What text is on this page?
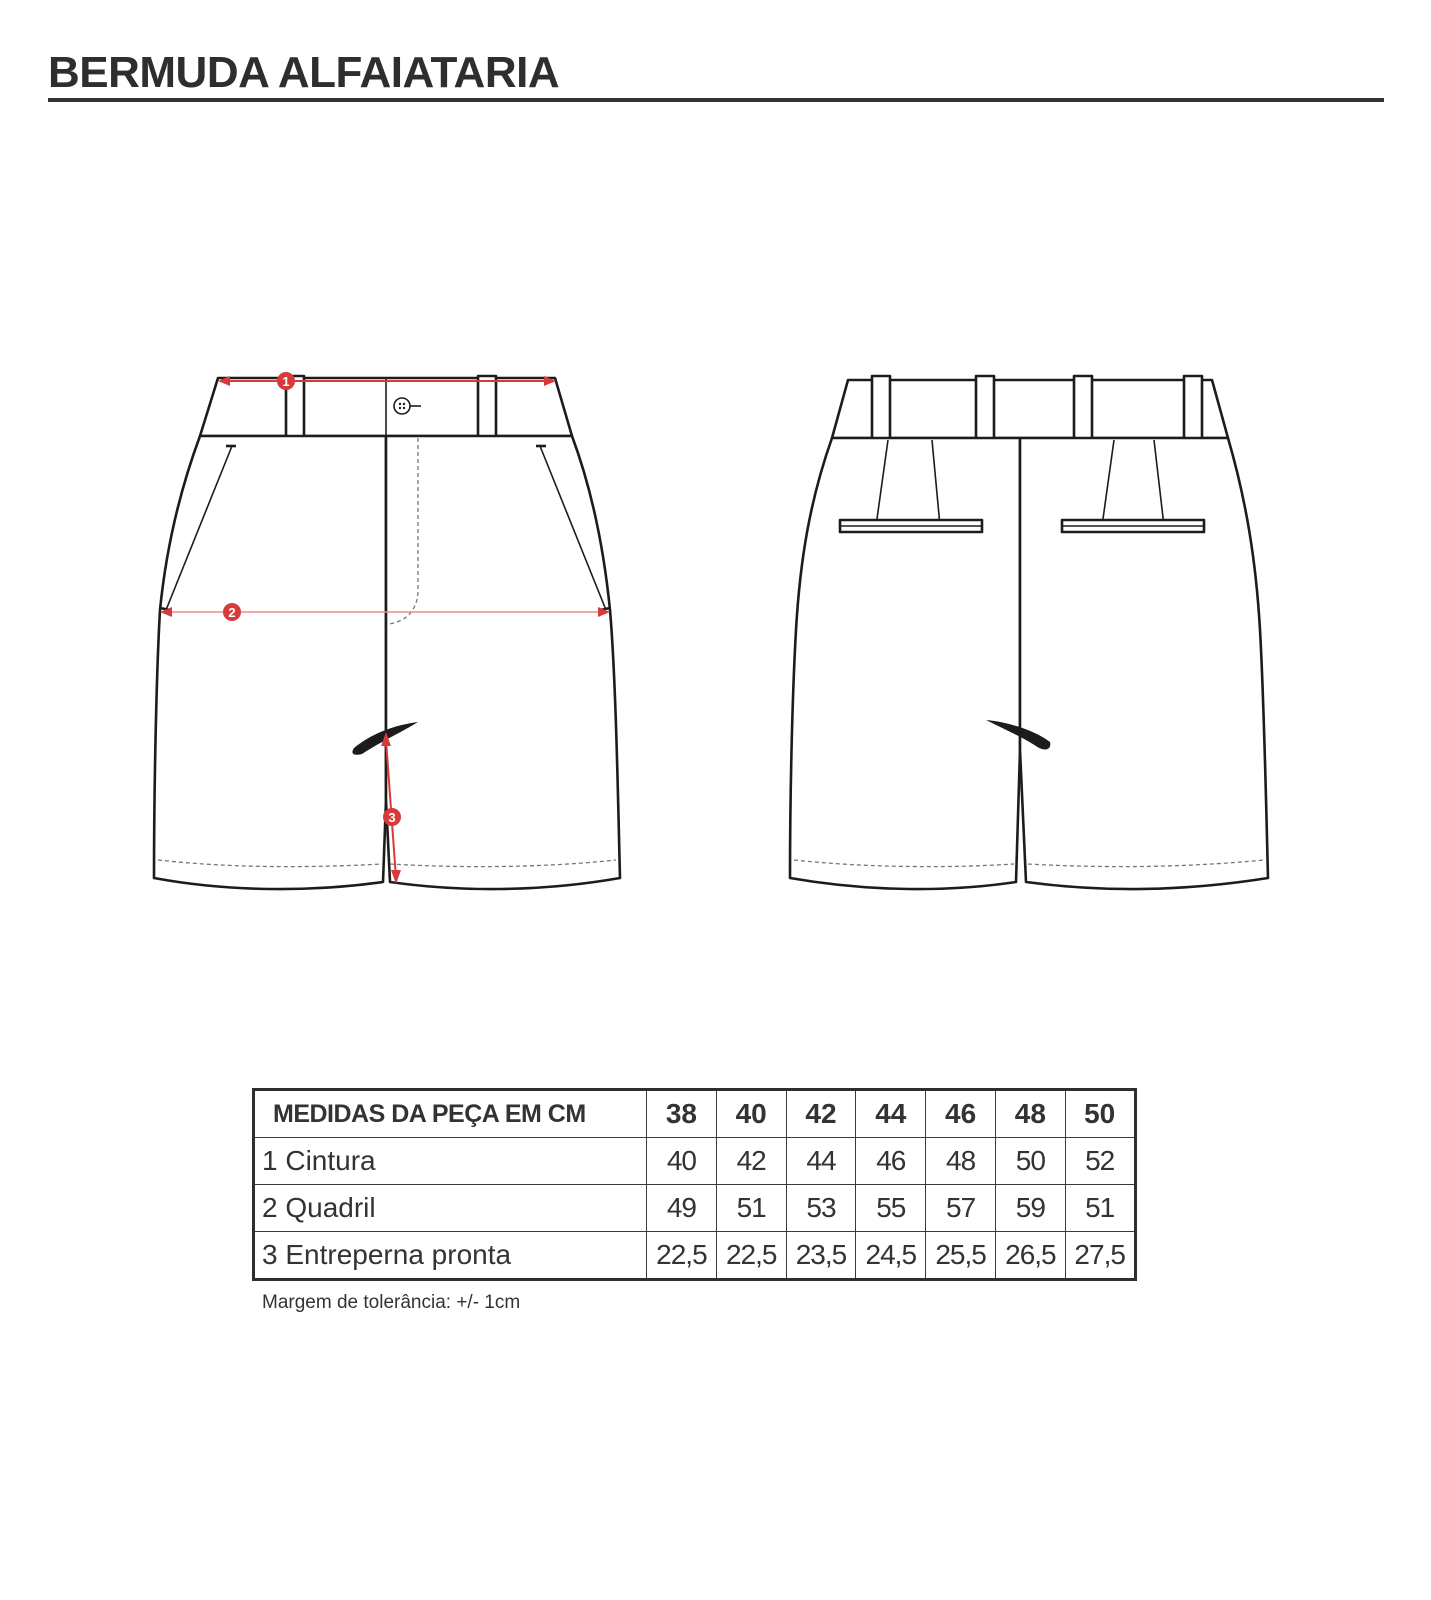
BERMUDA ALFAIATARIA
1
2
3
MEDIDAS DA PEÇA EM CM	38	40	42	44	46	48	50
1 Cintura	40	42	44	46	48	50	52
2 Quadril	49	51	53	55	57	59	51
3 Entreperna pronta	22,5	22,5	23,5	24,5	25,5	26,5	27,5

Margem de tolerância: +/- 1cm
